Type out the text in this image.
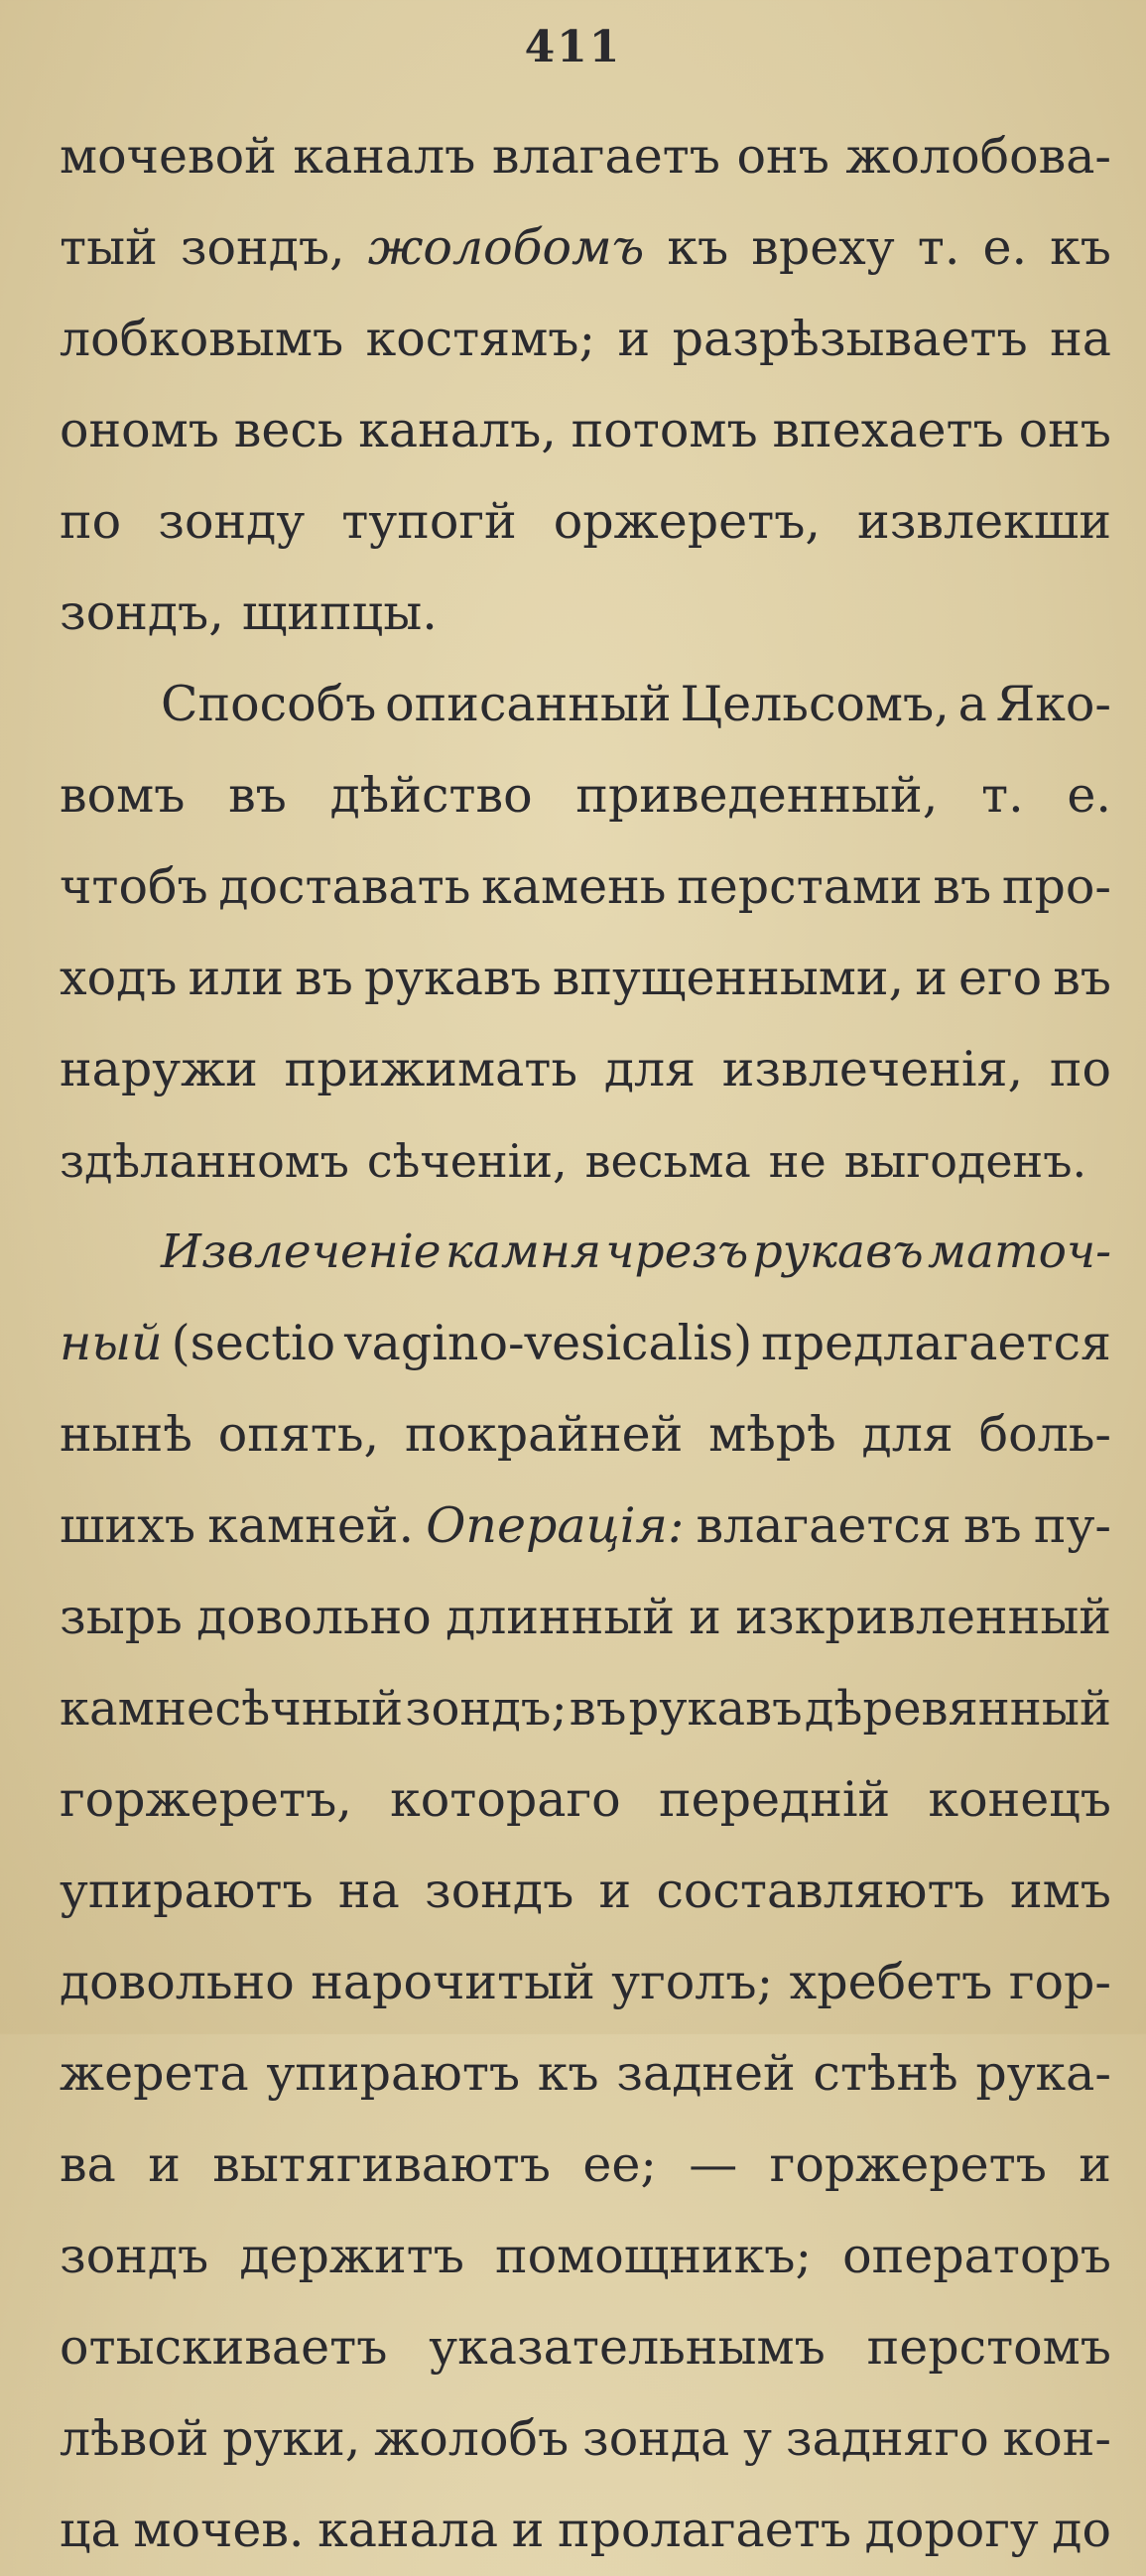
411
мочевой каналъ влагаетъ онъ жолобова-
тый зондъ, жолобомъ къ вреху т. е. къ
лобковымъ костямъ; и разрѣзываетъ на
ономъ весь каналъ, потомъ впехаетъ онъ
по зонду тупогй оржеретъ, извлекши
зондъ, щипцы.
Способъ описанный Цельсомъ, а Яко-
вомъ въ дѣйство приведенный, т. е.
чтобъ доставать камень перстами въ про-
ходъ или въ рукавъ впущенными, и его въ
наружи прижимать для извлеченія, по
здѣланномъ сѣченіи, весьма не выгоденъ.
Извлеченіе камня чрезъ рукавъ маточ-
ный (sectio vagino-vesicalis) предлагается
нынѣ опять, покрайней мѣрѣ для боль-
шихъ камней. Операція: влагается въ пу-
зырь довольно длинный и изкривленный
камнесѣчный зондъ; въ рукавъ дѣревянный
горжеретъ, котораго передній конецъ
упираютъ на зондъ и составляютъ имъ
довольно нарочитый уголъ; хребетъ гор-
жерета упираютъ къ задней стѣнѣ рука-
ва и вытягиваютъ ее; — горжеретъ и
зондъ держитъ помощникъ; операторъ
отыскиваетъ указательнымъ перстомъ
лѣвой руки, жолобъ зонда у задняго кон-
ца мочев. канала и пролагаетъ дорогу до
